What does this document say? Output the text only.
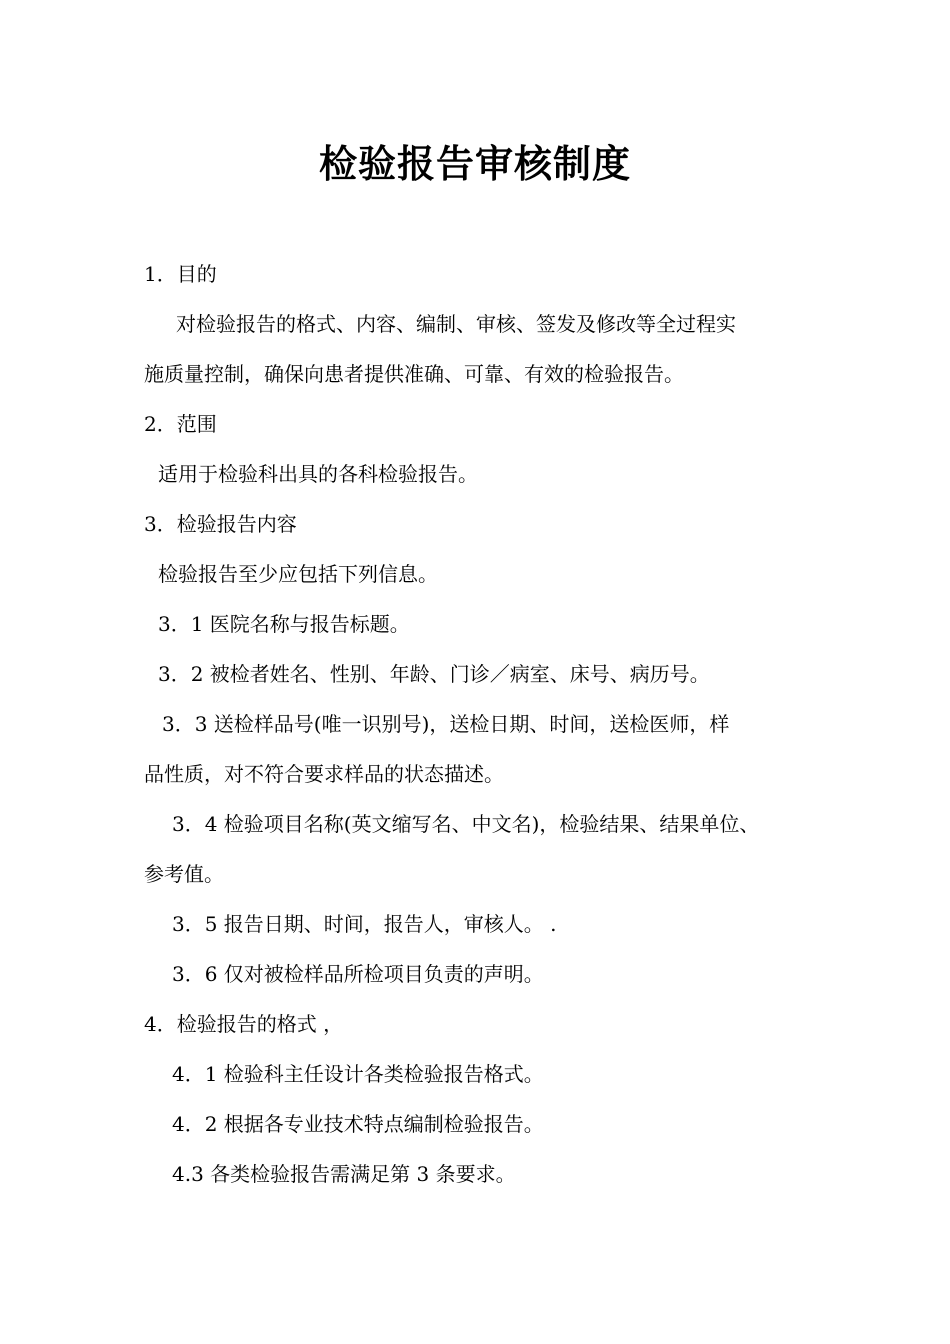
检验报告审核制度
1．目的
对检验报告的格式、内容、编制、审核、签发及修改等全过程实
施质量控制，确保向患者提供准确、可靠、有效的检验报告。
2．范围
适用于检验科出具的各科检验报告。
3．检验报告内容
检验报告至少应包括下列信息。
3．1 医院名称与报告标题。
3．2 被检者姓名、性别、年龄、门诊／病室、床号、病历号。
3．3 送检样品号(唯一识别号)，送检日期、时间，送检医师，样
品性质，对不符合要求样品的状态描述。
3．4 检验项目名称(英文缩写名、中文名)，检验结果、结果单位、
参考值。
3．5 报告日期、时间，报告人，审核人。 .
3．6 仅对被检样品所检项目负责的声明。
4．检验报告的格式 ，
4．1 检验科主任设计各类检验报告格式。
4．2 根据各专业技术特点编制检验报告。
4.3 各类检验报告需满足第 3 条要求。
